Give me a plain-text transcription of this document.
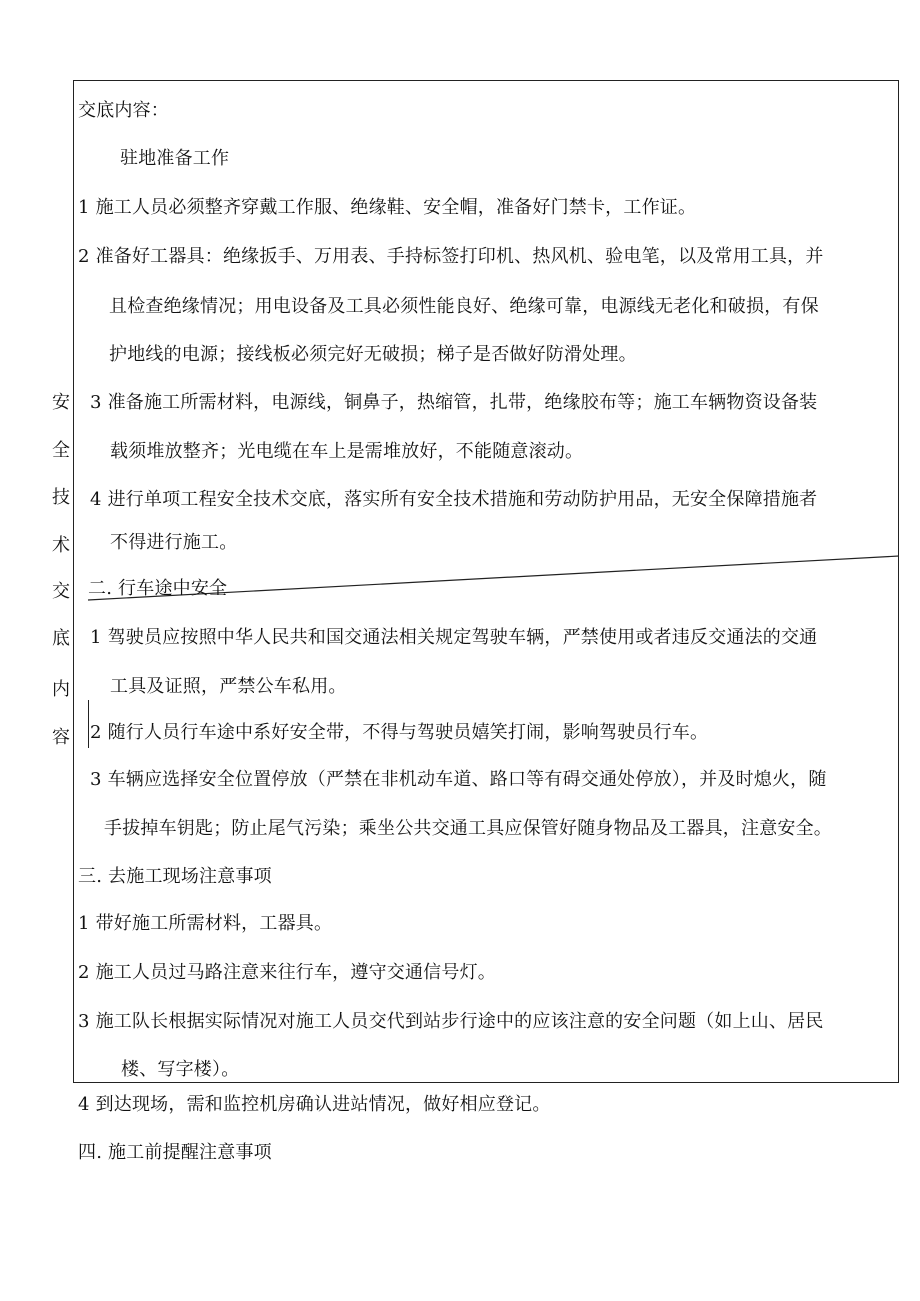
交底内容：
安
全
技
术
交
底
内
容
驻地准备工作
1 施工人员必须整齐穿戴工作服、绝缘鞋、安全帽，准备好门禁卡，工作证。
2 准备好工器具：绝缘扳手、万用表、手持标签打印机、热风机、验电笔，以及常用工具，并
且检查绝缘情况；用电设备及工具必须性能良好、绝缘可靠，电源线无老化和破损，有保
护地线的电源；接线板必须完好无破损；梯子是否做好防滑处理。
3 准备施工所需材料，电源线，铜鼻子，热缩管，扎带，绝缘胶布等；施工车辆物资设备装
载须堆放整齐；光电缆在车上是需堆放好，不能随意滚动。
4 进行单项工程安全技术交底，落实所有安全技术措施和劳动防护用品，无安全保障措施者
不得进行施工。
二. 行车途中安全
1 驾驶员应按照中华人民共和国交通法相关规定驾驶车辆，严禁使用或者违反交通法的交通
工具及证照，严禁公车私用。
2 随行人员行车途中系好安全带，不得与驾驶员嬉笑打闹，影响驾驶员行车。
3 车辆应选择安全位置停放（严禁在非机动车道、路口等有碍交通处停放），并及时熄火，随
手拔掉车钥匙；防止尾气污染；乘坐公共交通工具应保管好随身物品及工器具，注意安全。
三. 去施工现场注意事项
1 带好施工所需材料，工器具。
2 施工人员过马路注意来往行车，遵守交通信号灯。
3 施工队长根据实际情况对施工人员交代到站步行途中的应该注意的安全问题（如上山、居民
楼、写字楼）。
4 到达现场，需和监控机房确认进站情况，做好相应登记。
四. 施工前提醒注意事项
